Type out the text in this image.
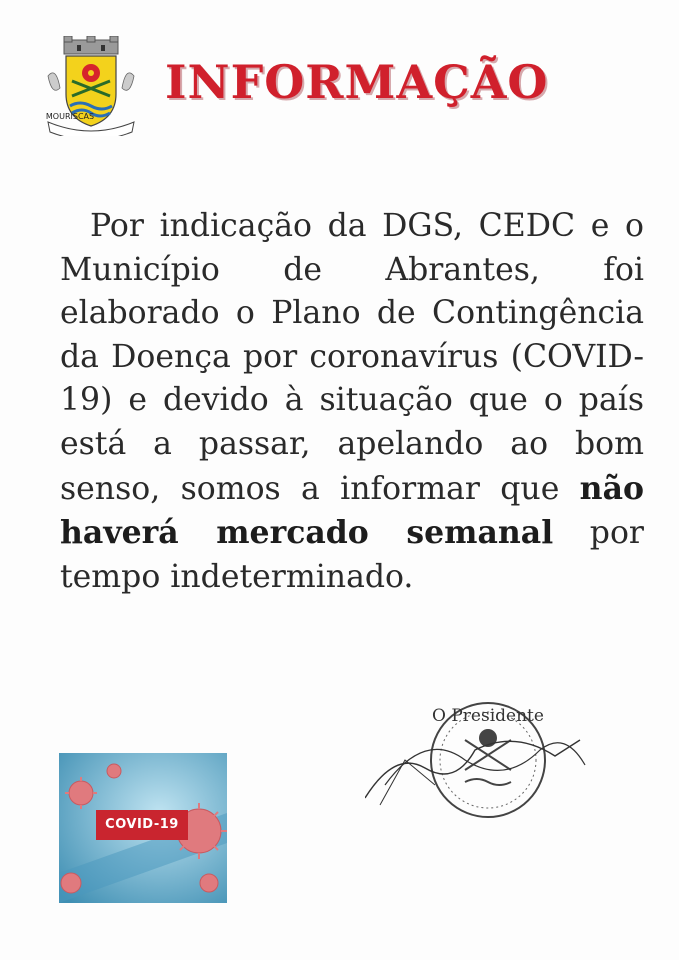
MOURISCAS
INFORMAÇÃO
Por indicação da DGS, CEDC e o Município de Abrantes, foi elaborado o Plano de Contingência da Doença por coronavírus (COVID-19) e devido à situação que o país está a passar, apelando ao bom senso, somos a informar que não haverá mercado semanal por tempo indeterminado.
COVID-19
O Presidente
